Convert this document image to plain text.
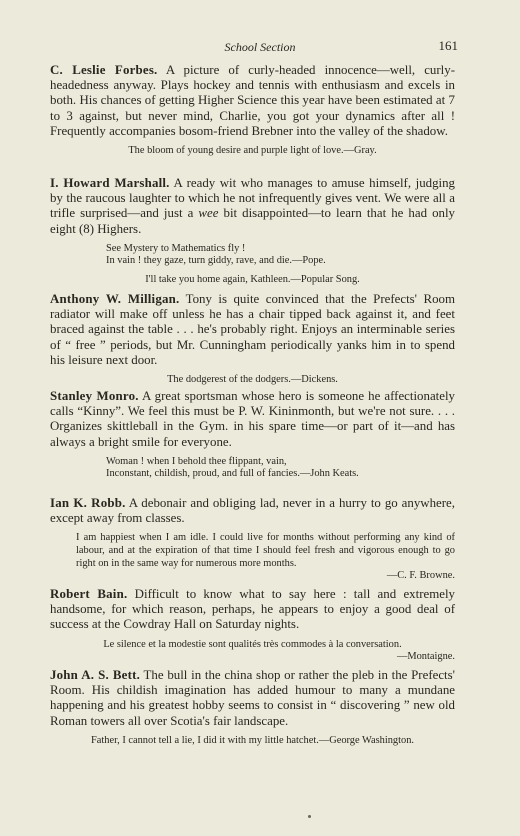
School Section	161

C. Leslie Forbes. A picture of curly-headed innocence—well, curly-headedness anyway. Plays hockey and tennis with enthusiasm and excels in both. His chances of getting Higher Science this year have been estimated at 7 to 3 against, but never mind, Charlie, you got your dynamics after all ! Frequently accompanies bosom-friend Brebner into the valley of the shadow.

The bloom of young desire and purple light of love.—Gray.

I. Howard Marshall. A ready wit who manages to amuse himself, judging by the raucous laughter to which he not infrequently gives vent. We were all a trifle surprised—and just a wee bit disappointed—to learn that he had only eight (8) Highers.

See Mystery to Mathematics fly !
In vain ! they gaze, turn giddy, rave, and die.—Pope.
I'll take you home again, Kathleen.—Popular Song.

Anthony W. Milligan. Tony is quite convinced that the Prefects' Room radiator will make off unless he has a chair tipped back against it, and feet braced against the table . . . he's probably right. Enjoys an interminable series of “ free ” periods, but Mr. Cunningham periodically yanks him in to spend his leisure next door.

The dodgerest of the dodgers.—Dickens.

Stanley Monro. A great sportsman whose hero is someone he affectionately calls “Kinny”. We feel this must be P. W. Kininmonth, but we're not sure. . . . Organizes skittleball in the Gym. in his spare time—or part of it—and has always a bright smile for everyone.

Woman ! when I behold thee flippant, vain,
Inconstant, childish, proud, and full of fancies.—John Keats.

Ian K. Robb. A debonair and obliging lad, never in a hurry to go anywhere, except away from classes.

I am happiest when I am idle. I could live for months without performing any kind of labour, and at the expiration of that time I should feel fresh and vigorous enough to go right on in the same way for numerous more months.
—C. F. Browne.

Robert Bain. Difficult to know what to say here : tall and extremely handsome, for which reason, perhaps, he appears to enjoy a good deal of success at the Cowdray Hall on Saturday nights.

Le silence et la modestie sont qualités très commodes à la conversation.
—Montaigne.

John A. S. Bett. The bull in the china shop or rather the pleb in the Prefects' Room. His childish imagination has added humour to many a mundane happening and his greatest hobby seems to consist in “ discovering ” new old Roman towers all over Scotia's fair landscape.

Father, I cannot tell a lie, I did it with my little hatchet.—George Washington.
